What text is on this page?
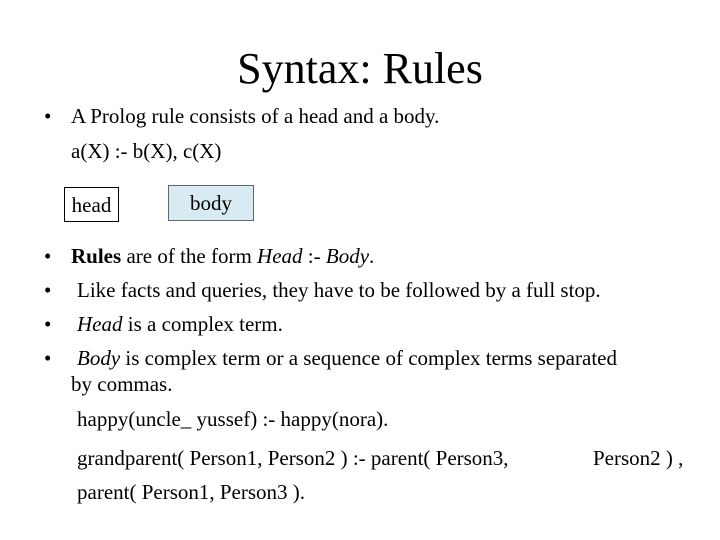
Syntax: Rules
• A Prolog rule consists of a head and a body.
a(X) :- b(X), c(X)
head	body
• Rules are of the form Head :- Body.
• Like facts and queries, they have to be followed by a full stop.
• Head is a complex term.
• Body is complex term or a sequence of complex terms separated
by commas.
happy(uncle_ yussef) :- happy(nora).
grandparent( Person1, Person2 ) :- parent( Person3,	Person2 ) ,
parent( Person1, Person3 ).
